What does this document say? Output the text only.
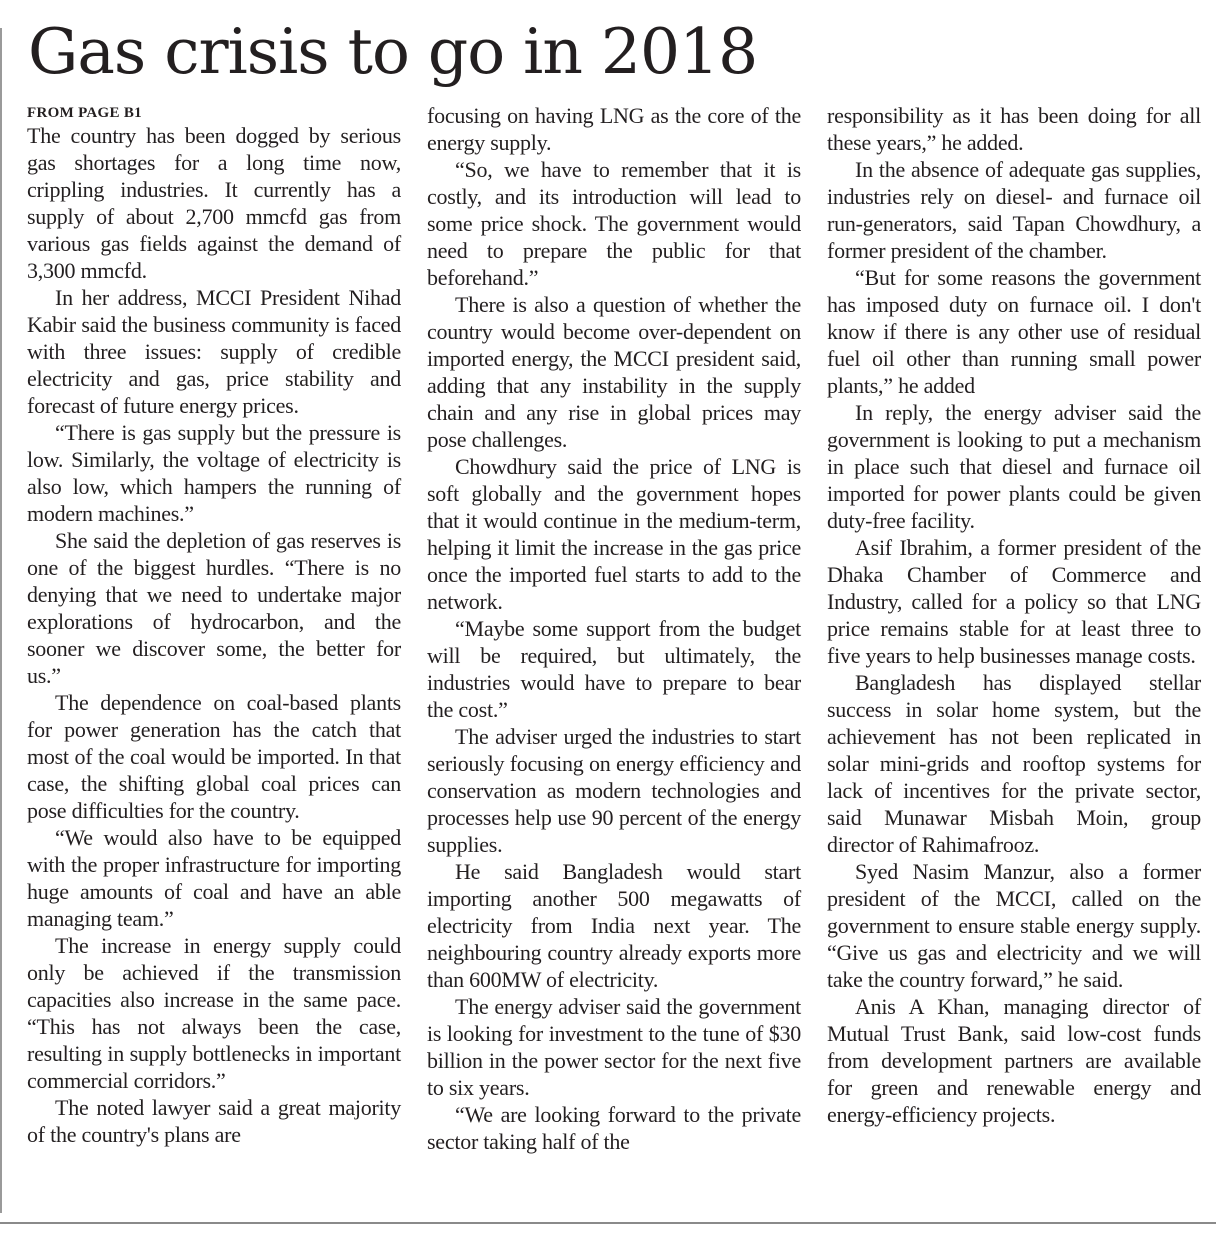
Gas crisis to go in 2018
FROM PAGE B1

The country has been dogged by serious gas shortages for a long time now, crippling industries. It currently has a supply of about 2,700 mmcfd gas from various gas fields against the demand of 3,300 mmcfd.

In her address, MCCI President Nihad Kabir said the business community is faced with three issues: supply of credible electricity and gas, price stability and forecast of future energy prices.

“There is gas supply but the pressure is low. Similarly, the voltage of electricity is also low, which hampers the running of modern machines.”

She said the depletion of gas reserves is one of the biggest hurdles. “There is no denying that we need to undertake major explorations of hydrocarbon, and the sooner we discover some, the better for us.”

The dependence on coal-based plants for power generation has the catch that most of the coal would be imported. In that case, the shifting global coal prices can pose difficulties for the country.

“We would also have to be equipped with the proper infrastructure for importing huge amounts of coal and have an able managing team.”

The increase in energy supply could only be achieved if the transmission capacities also increase in the same pace. “This has not always been the case, resulting in supply bottlenecks in important commercial corridors.”

The noted lawyer said a great majority of the country's plans are

focusing on having LNG as the core of the energy supply.

“So, we have to remember that it is costly, and its introduction will lead to some price shock. The government would need to prepare the public for that beforehand.”

There is also a question of whether the country would become over-dependent on imported energy, the MCCI president said, adding that any instability in the supply chain and any rise in global prices may pose challenges.

Chowdhury said the price of LNG is soft globally and the government hopes that it would continue in the medium-term, helping it limit the increase in the gas price once the imported fuel starts to add to the network.

“Maybe some support from the budget will be required, but ultimately, the industries would have to prepare to bear the cost.”

The adviser urged the industries to start seriously focusing on energy efficiency and conservation as modern technologies and processes help use 90 percent of the energy supplies.

He said Bangladesh would start importing another 500 megawatts of electricity from India next year. The neighbouring country already exports more than 600MW of electricity.

The energy adviser said the government is looking for investment to the tune of $30 billion in the power sector for the next five to six years.

“We are looking forward to the private sector taking half of the

responsibility as it has been doing for all these years,” he added.

In the absence of adequate gas supplies, industries rely on diesel- and furnace oil run-generators, said Tapan Chowdhury, a former president of the chamber.

“But for some reasons the government has imposed duty on furnace oil. I don't know if there is any other use of residual fuel oil other than running small power plants,” he added

In reply, the energy adviser said the government is looking to put a mechanism in place such that diesel and furnace oil imported for power plants could be given duty-free facility.

Asif Ibrahim, a former president of the Dhaka Chamber of Commerce and Industry, called for a policy so that LNG price remains stable for at least three to five years to help businesses manage costs.

Bangladesh has displayed stellar success in solar home system, but the achievement has not been replicated in solar mini-grids and rooftop systems for lack of incentives for the private sector, said Munawar Misbah Moin, group director of Rahimafrooz.

Syed Nasim Manzur, also a former president of the MCCI, called on the government to ensure stable energy supply. “Give us gas and electricity and we will take the country forward,” he said.

Anis A Khan, managing director of Mutual Trust Bank, said low-cost funds from development partners are available for green and renewable energy and energy-efficiency projects.
